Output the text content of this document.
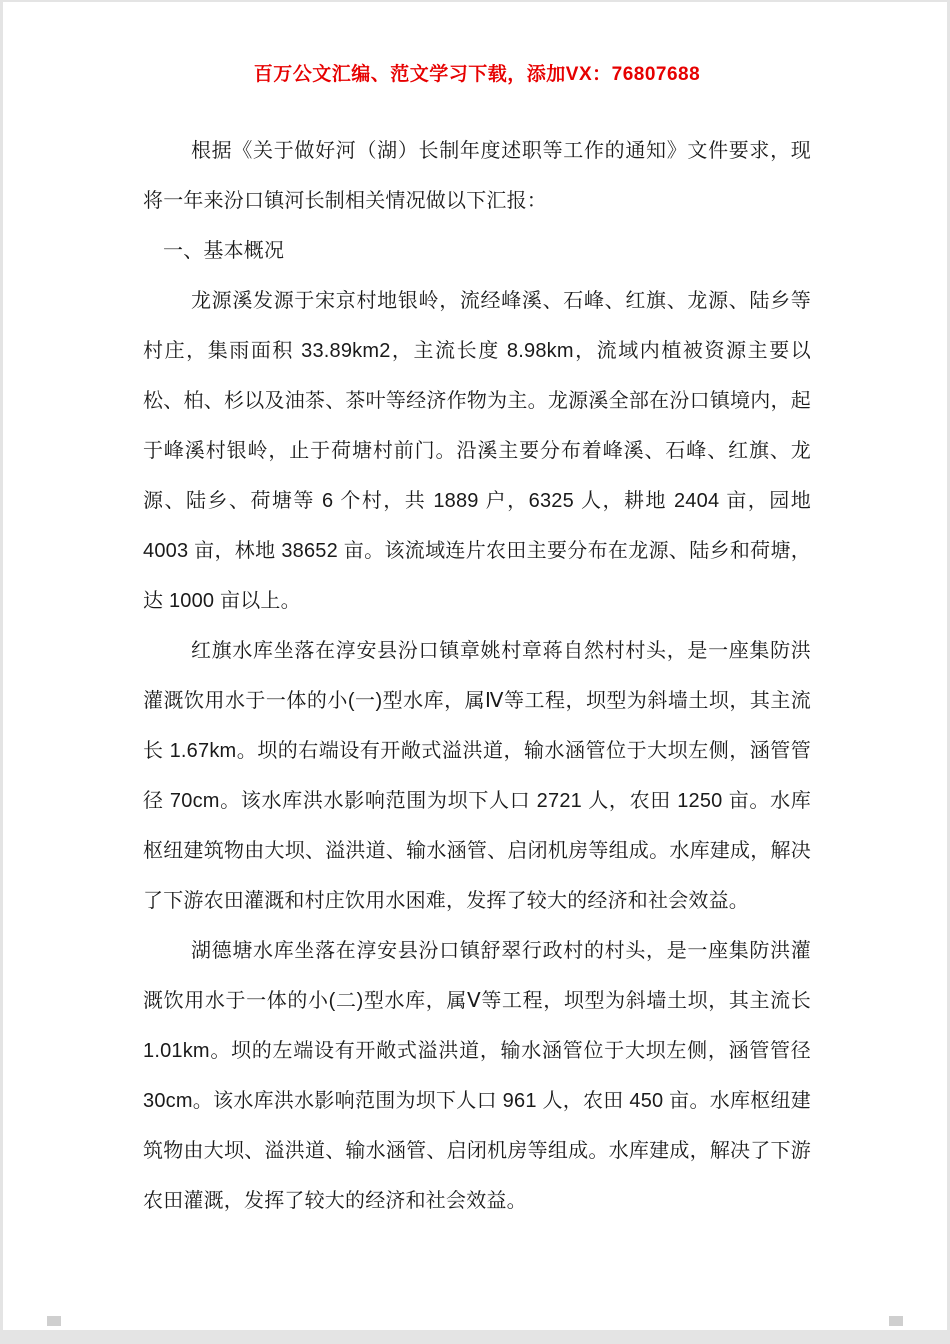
百万公文汇编、范文学习下载，添加VX：76807688

根据《关于做好河（湖）长制年度述职等工作的通知》文件要求，现将一年来汾口镇河长制相关情况做以下汇报：

一、基本概况

龙源溪发源于宋京村地银岭，流经峰溪、石峰、红旗、龙源、陆乡等村庄，集雨面积 33.89km2，主流长度 8.98km，流域内植被资源主要以松、柏、杉以及油茶、茶叶等经济作物为主。龙源溪全部在汾口镇境内，起于峰溪村银岭，止于荷塘村前门。沿溪主要分布着峰溪、石峰、红旗、龙源、陆乡、荷塘等 6 个村，共 1889 户，6325 人，耕地 2404 亩，园地 4003 亩，林地 38652 亩。该流域连片农田主要分布在龙源、陆乡和荷塘，达 1000 亩以上。

红旗水库坐落在淳安县汾口镇章姚村章蒋自然村村头，是一座集防洪灌溉饮用水于一体的小(一)型水库，属Ⅳ等工程，坝型为斜墙土坝，其主流长 1.67km。坝的右端设有开敞式溢洪道，输水涵管位于大坝左侧，涵管管径 70cm。该水库洪水影响范围为坝下人口 2721 人，农田 1250 亩。水库枢纽建筑物由大坝、溢洪道、输水涵管、启闭机房等组成。水库建成，解决了下游农田灌溉和村庄饮用水困难，发挥了较大的经济和社会效益。

湖德塘水库坐落在淳安县汾口镇舒翠行政村的村头，是一座集防洪灌溉饮用水于一体的小(二)型水库，属Ⅴ等工程，坝型为斜墙土坝，其主流长 1.01km。坝的左端设有开敞式溢洪道，输水涵管位于大坝左侧，涵管管径 30cm。该水库洪水影响范围为坝下人口 961 人，农田 450 亩。水库枢纽建筑物由大坝、溢洪道、输水涵管、启闭机房等组成。水库建成，解决了下游农田灌溉，发挥了较大的经济和社会效益。
